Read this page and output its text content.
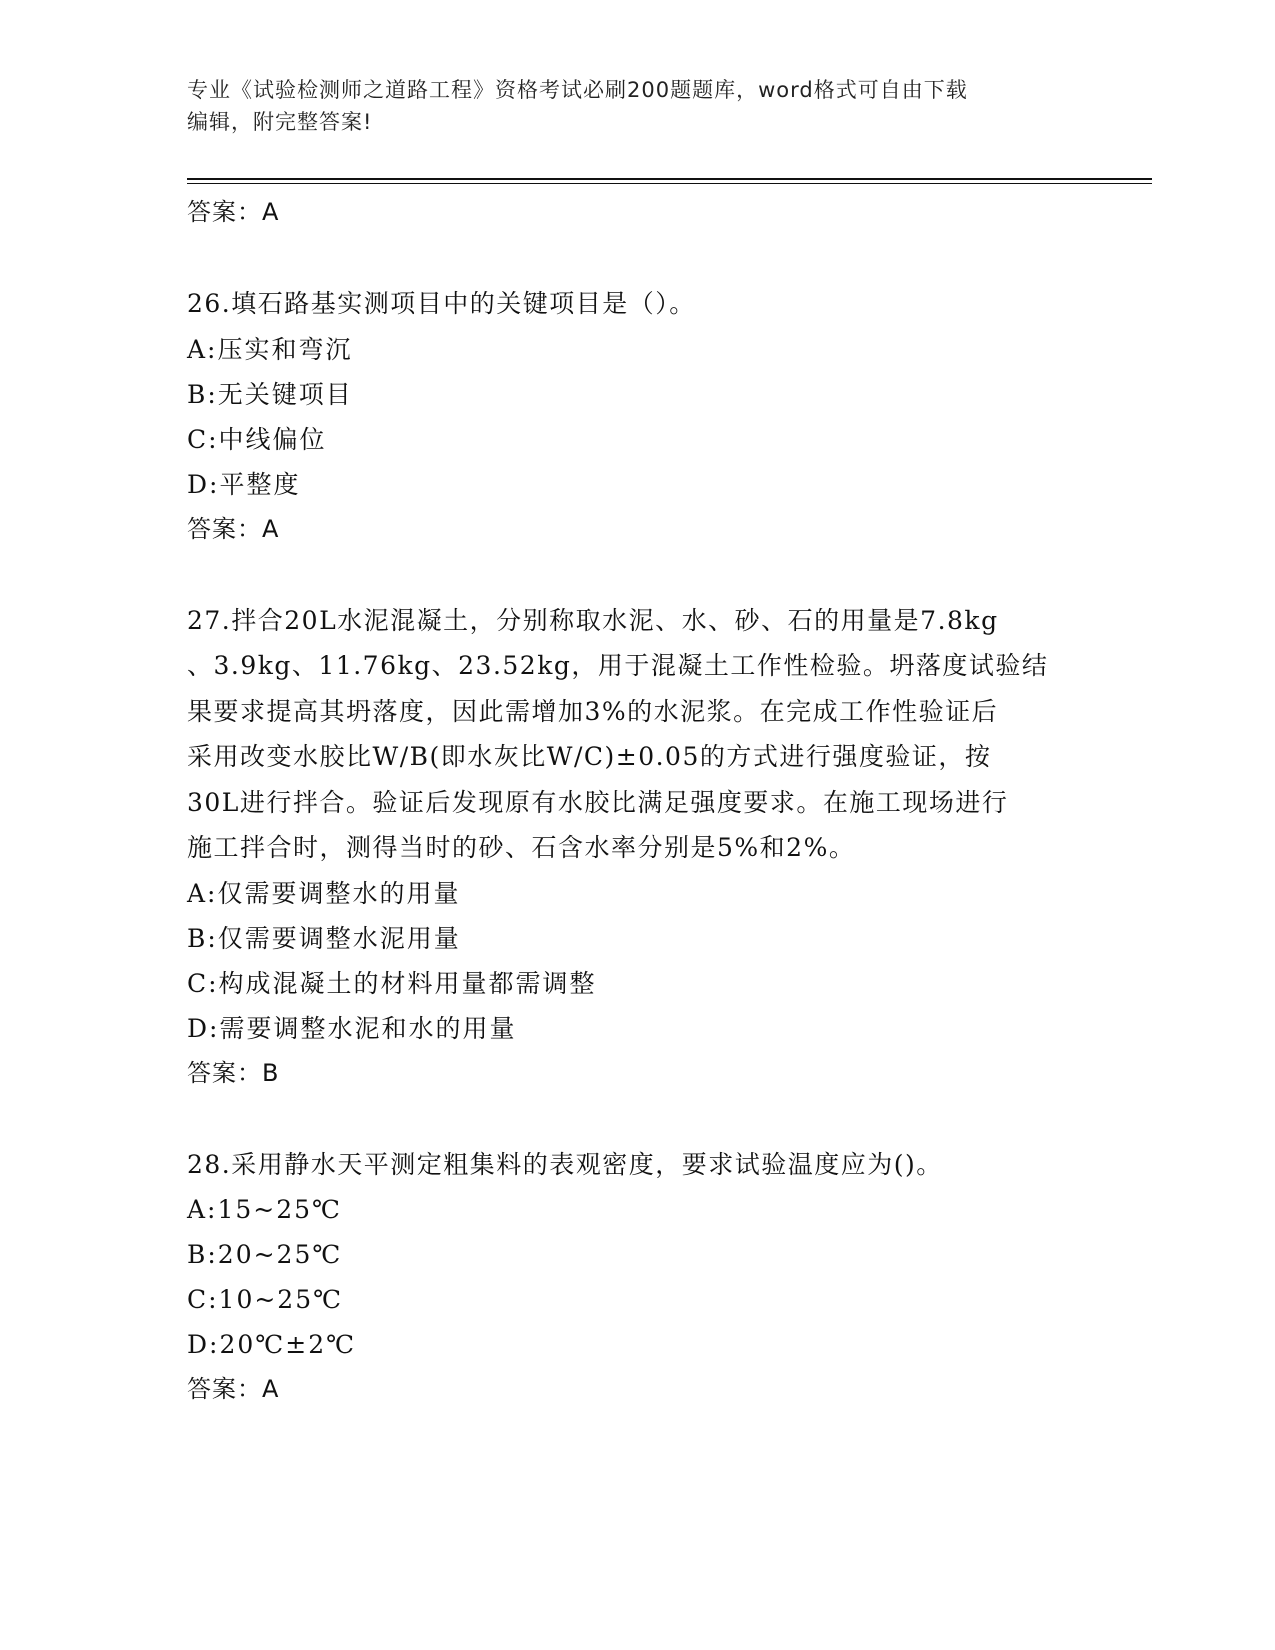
专业《试验检测师之道路工程》资格考试必刷200题题库，word格式可自由下载
编辑，附完整答案!
答案：A
26.填石路基实测项目中的关键项目是（）。
A:压实和弯沉
B:无关键项目
C:中线偏位
D:平整度
答案：A
27.拌合20L水泥混凝土，分别称取水泥、水、砂、石的用量是7.8kg
、3.9kg、11.76kg、23.52kg，用于混凝土工作性检验。坍落度试验结
果要求提高其坍落度，因此需增加3%的水泥浆。在完成工作性验证后
采用改变水胶比W/B(即水灰比W/C)±0.05的方式进行强度验证，按
30L进行拌合。验证后发现原有水胶比满足强度要求。在施工现场进行
施工拌合时，测得当时的砂、石含水率分别是5%和2%。
A:仅需要调整水的用量
B:仅需要调整水泥用量
C:构成混凝土的材料用量都需调整
D:需要调整水泥和水的用量
答案：B
28.采用静水天平测定粗集料的表观密度，要求试验温度应为()。
A:15~25℃
B:20~25℃
C:10~25℃
D:20℃±2℃
答案：A
